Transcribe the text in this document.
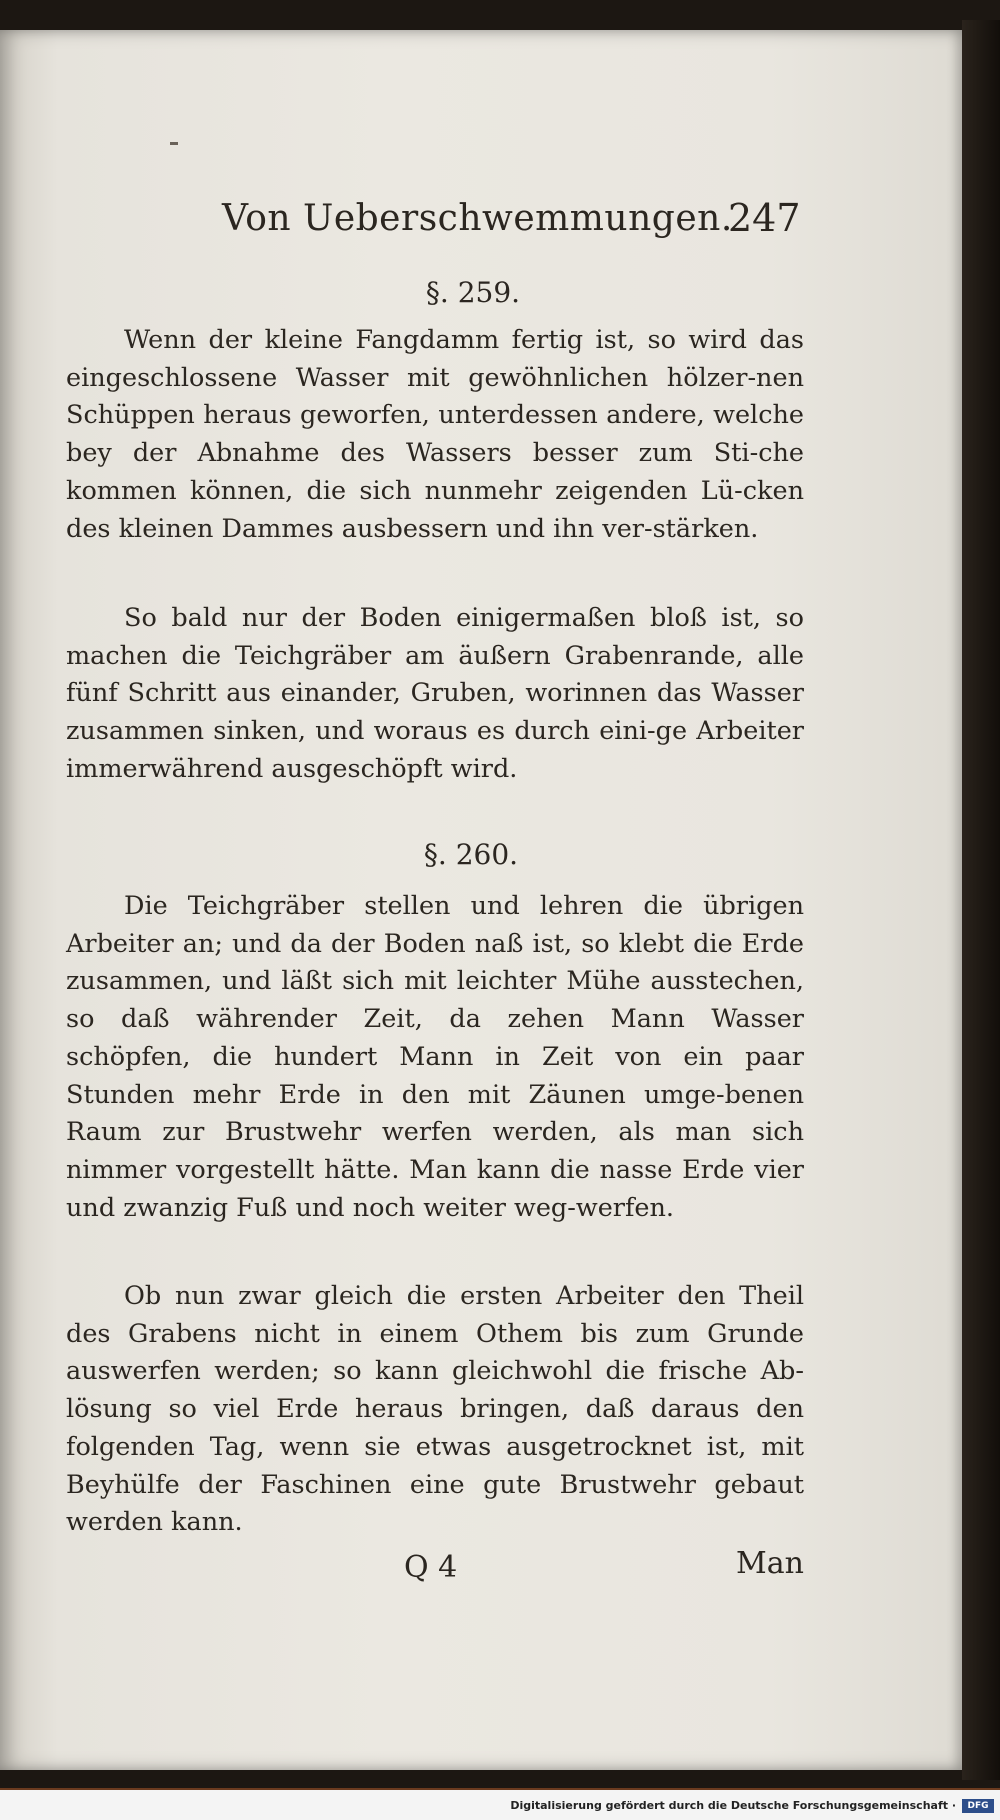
Von Ueberschwemmungen.
247
§. 259.
Wenn der kleine Fangdamm fertig ist, so wird das eingeschlossene Wasser mit gewöhnlichen hölzer-nen Schüppen heraus geworfen, unterdessen andere, welche bey der Abnahme des Wassers besser zum Sti-che kommen können, die sich nunmehr zeigenden Lü-cken des kleinen Dammes ausbessern und ihn ver-stärken.
So bald nur der Boden einigermaßen bloß ist, so machen die Teichgräber am äußern Grabenrande, alle fünf Schritt aus einander, Gruben, worinnen das Wasser zusammen sinken, und woraus es durch eini-ge Arbeiter immerwährend ausgeschöpft wird.
§. 260.
Die Teichgräber stellen und lehren die übrigen Arbeiter an; und da der Boden naß ist, so klebt die Erde zusammen, und läßt sich mit leichter Mühe ausstechen, so daß währender Zeit, da zehen Mann Wasser schöpfen, die hundert Mann in Zeit von ein paar Stunden mehr Erde in den mit Zäunen umge-benen Raum zur Brustwehr werfen werden, als man sich nimmer vorgestellt hätte. Man kann die nasse Erde vier und zwanzig Fuß und noch weiter weg-werfen.
Ob nun zwar gleich die ersten Arbeiter den Theil des Grabens nicht in einem Othem bis zum Grunde auswerfen werden; so kann gleichwohl die frische Ab-lösung so viel Erde heraus bringen, daß daraus den folgenden Tag, wenn sie etwas ausgetrocknet ist, mit Beyhülfe der Faschinen eine gute Brustwehr gebaut werden kann.
Q 4	Man
Digitalisierung gefördert durch die Deutsche Forschungsgemeinschaft ·	DFG
